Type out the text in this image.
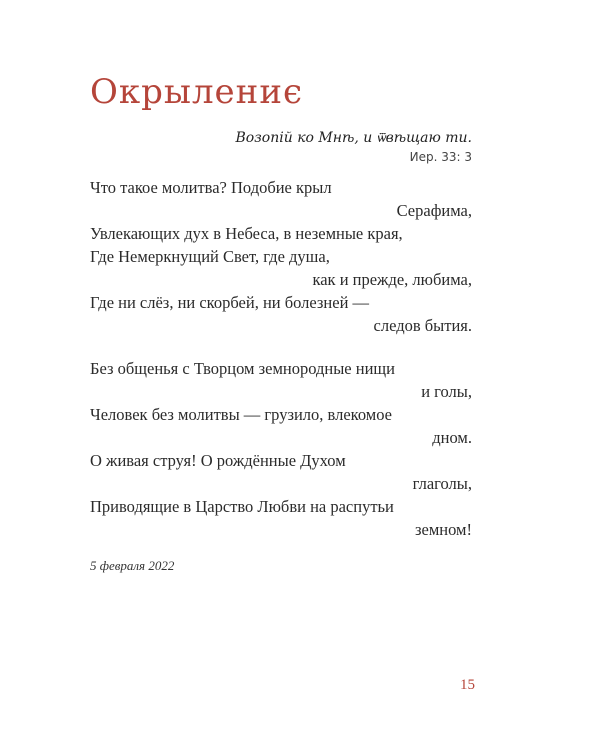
Окрылениє
Возопій ко Мнѣ, и ѿвѣщаю ти.
Иер. 33: 3
Что такое молитва? Подобие крыл
Серафима,
Увлекающих дух в Небеса, в неземные края,
Где Немеркнущий Свет, где душа,
как и прежде, любима,
Где ни слёз, ни скорбей, ни болезней —
следов бытия.
Без общенья с Творцом земнородные нищи
и голы,
Человек без молитвы — грузило, влекомое
дном.
О живая струя! О рождённые Духом
глаголы,
Приводящие в Царство Любви на распутьи
земном!
5 февраля 2022
15
